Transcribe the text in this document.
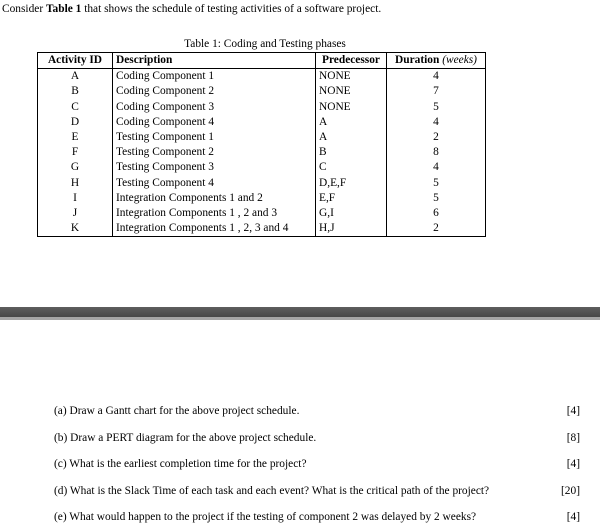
Consider Table 1 that shows the schedule of testing activities of a software project.
Table 1: Coding and Testing phases
Activity ID	Description	Predecessor	Duration (weeks)
A	Coding Component 1	NONE	4
B	Coding Component 2	NONE	7
C	Coding Component 3	NONE	5
D	Coding Component 4	A	4
E	Testing Component 1	A	2
F	Testing Component 2	B	8
G	Testing Component 3	C	4
H	Testing Component 4	D,E,F	5
I	Integration Components 1 and 2	E,F	5
J	Integration Components 1 , 2 and 3	G,I	6
K	Integration Components 1 , 2, 3 and 4	H,J	2
(a) Draw a Gantt chart for the above project schedule.	[4]
(b) Draw a PERT diagram for the above project schedule.	[8]
(c) What is the earliest completion time for the project?	[4]
(d) What is the Slack Time of each task and each event? What is the critical path of the project?	[20]
(e) What would happen to the project if the testing of component 2 was delayed by 2 weeks?	[4]
